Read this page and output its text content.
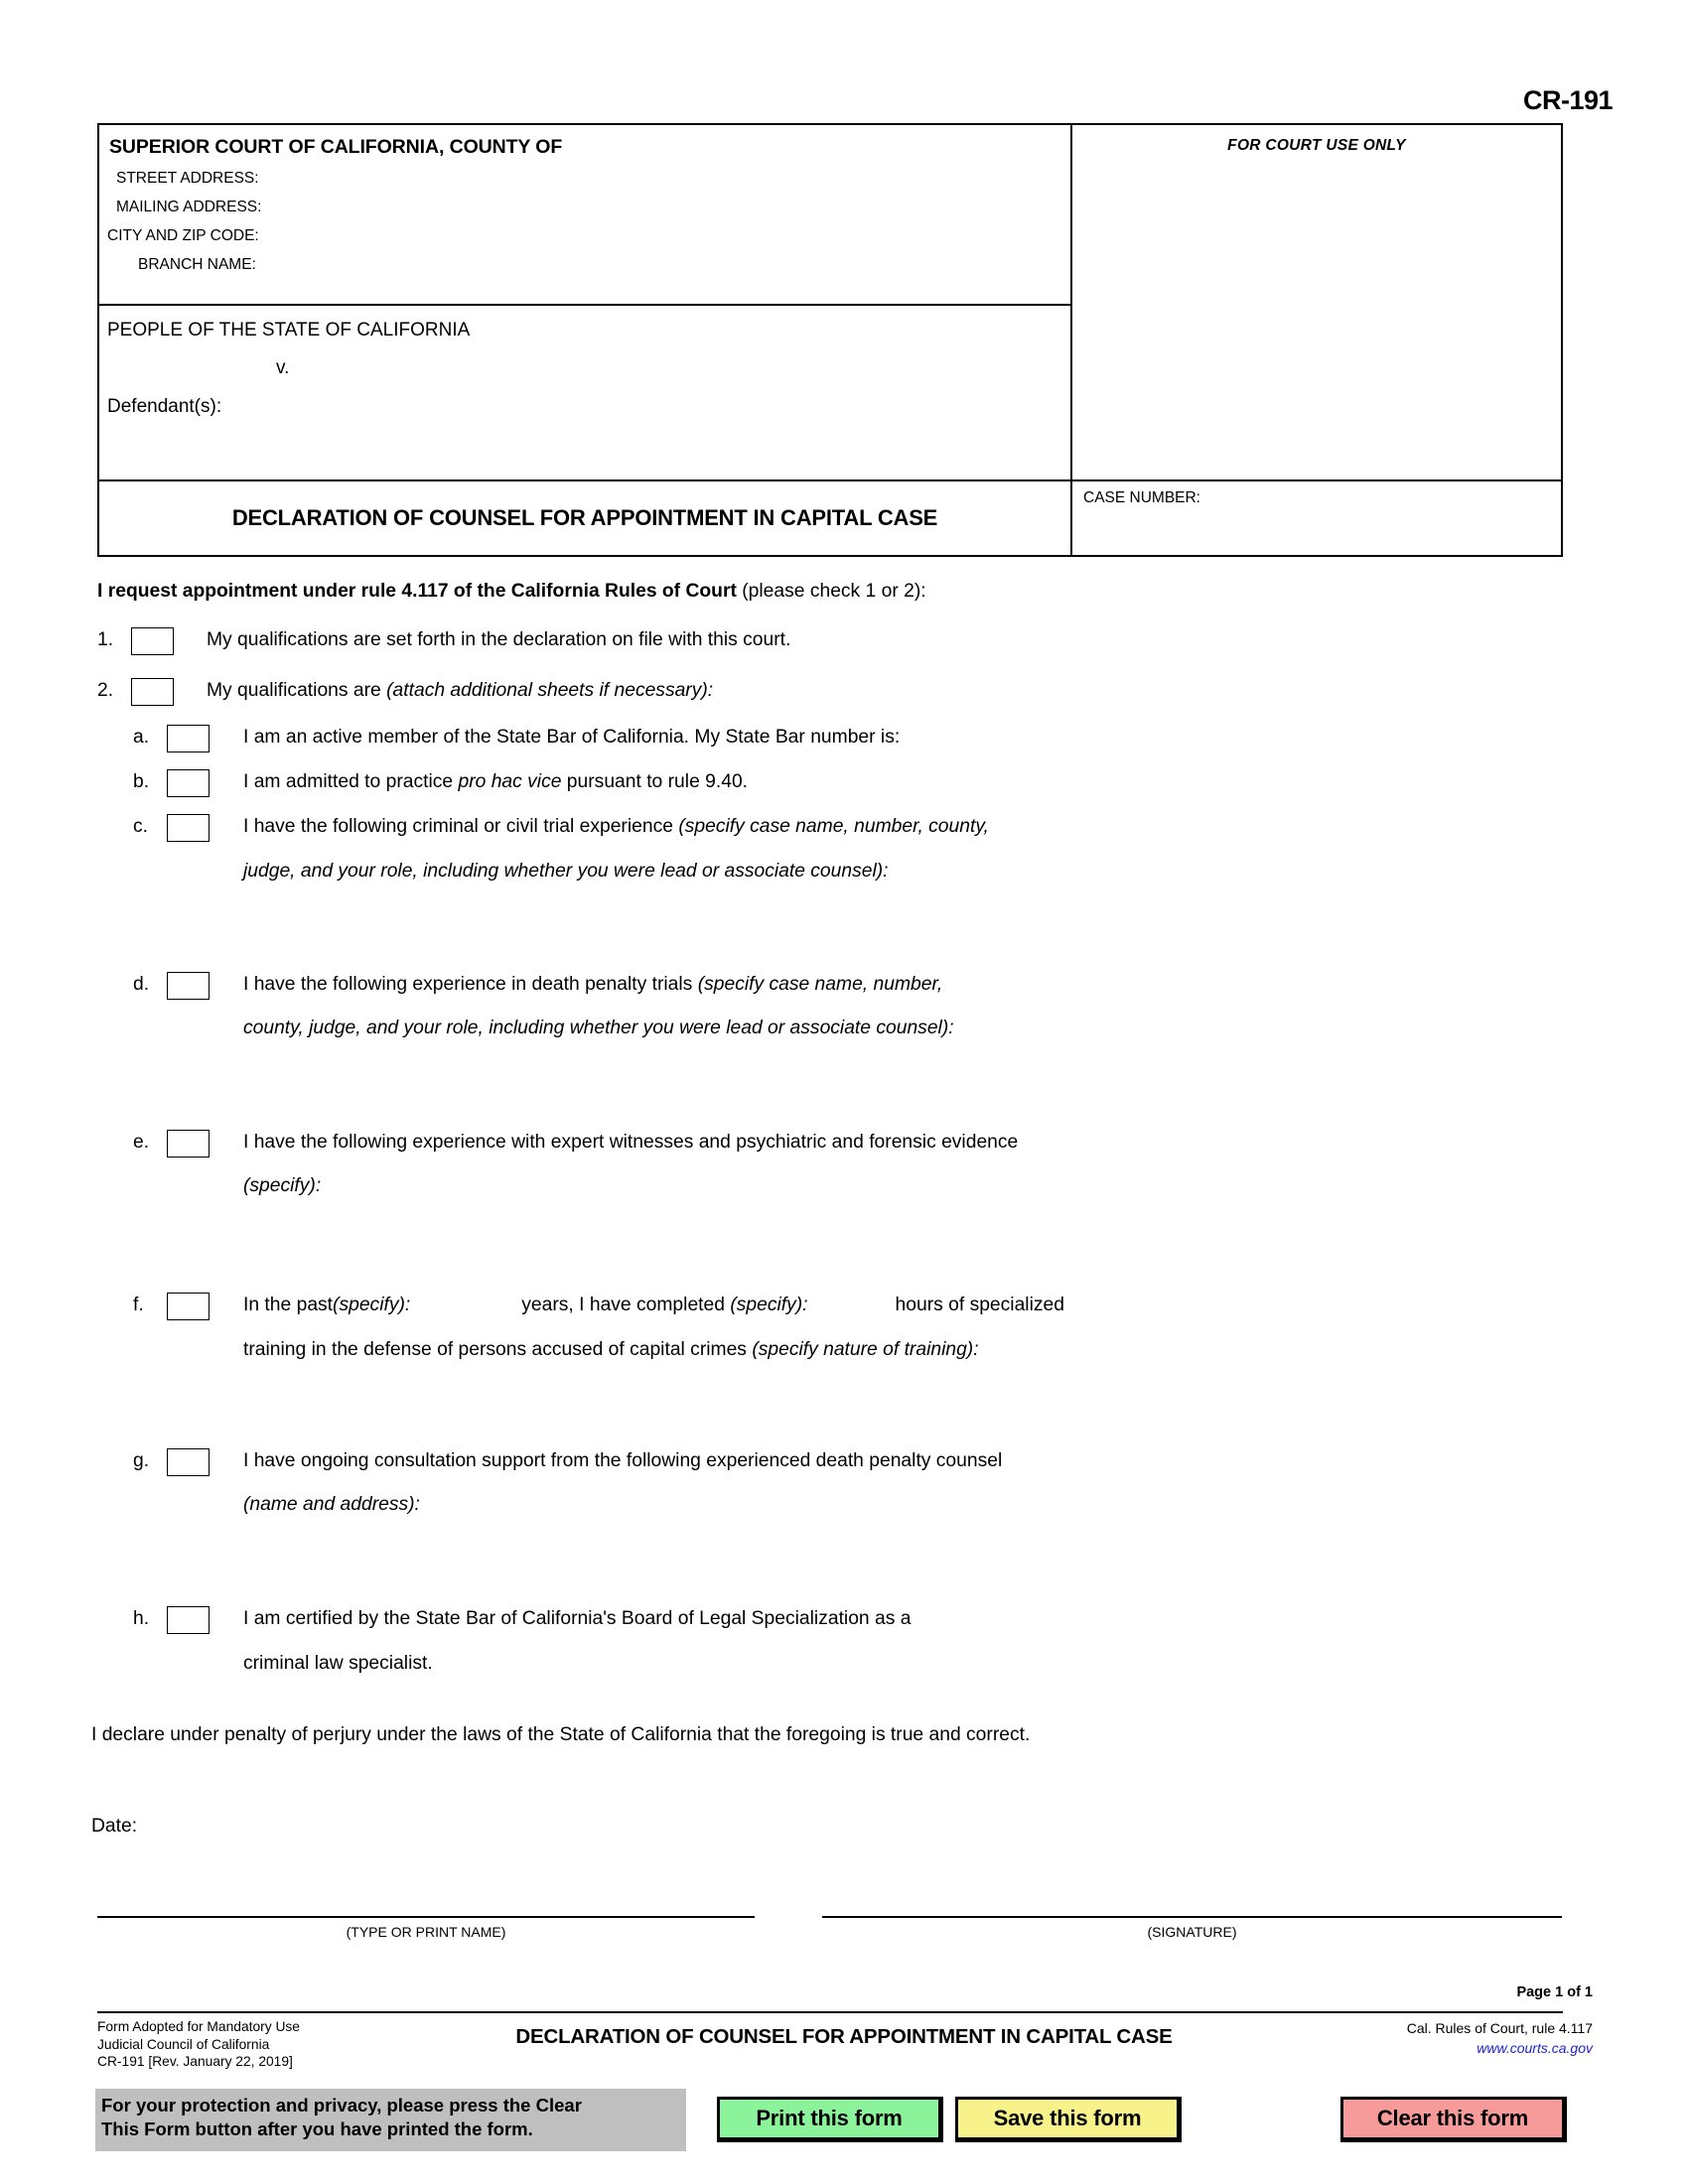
CR-191
SUPERIOR COURT OF CALIFORNIA, COUNTY OF
STREET ADDRESS:
MAILING ADDRESS:
CITY AND ZIP CODE:
BRANCH NAME:
PEOPLE OF THE STATE OF CALIFORNIA
v.
Defendant(s):
DECLARATION OF COUNSEL FOR APPOINTMENT IN CAPITAL CASE
FOR COURT USE ONLY
CASE NUMBER:
I request appointment under rule 4.117 of the California Rules of Court (please check 1 or 2):
1.	My qualifications are set forth in the declaration on file with this court.
2.	My qualifications are (attach additional sheets if necessary):
a.	I am an active member of the State Bar of California. My State Bar number is:
b.	I am admitted to practice pro hac vice pursuant to rule 9.40.
c.	I have the following criminal or civil trial experience (specify case name, number, county,
judge, and your role, including whether you were lead or associate counsel):
d.	I have the following experience in death penalty trials (specify case name, number,
county, judge, and your role, including whether you were lead or associate counsel):
e.	I have the following experience with expert witnesses and psychiatric and forensic evidence
(specify):
f.	In the past(specify):	years, I have completed (specify):	hours of specialized
training in the defense of persons accused of capital crimes (specify nature of training):
g.	I have ongoing consultation support from the following experienced death penalty counsel
(name and address):
h.	I am certified by the State Bar of California's Board of Legal Specialization as a
criminal law specialist.
I declare under penalty of perjury under the laws of the State of California that the foregoing is true and correct.
Date:
(TYPE OR PRINT NAME)	(SIGNATURE)
Page 1 of 1
Form Adopted for Mandatory Use
Judicial Council of California
CR-191 [Rev. January 22, 2019]
DECLARATION OF COUNSEL FOR APPOINTMENT IN CAPITAL CASE	Cal. Rules of Court, rule 4.117
www.courts.ca.gov
For your protection and privacy, please press the Clear
This Form button after you have printed the form.	Print this form	Save this form	Clear this form
